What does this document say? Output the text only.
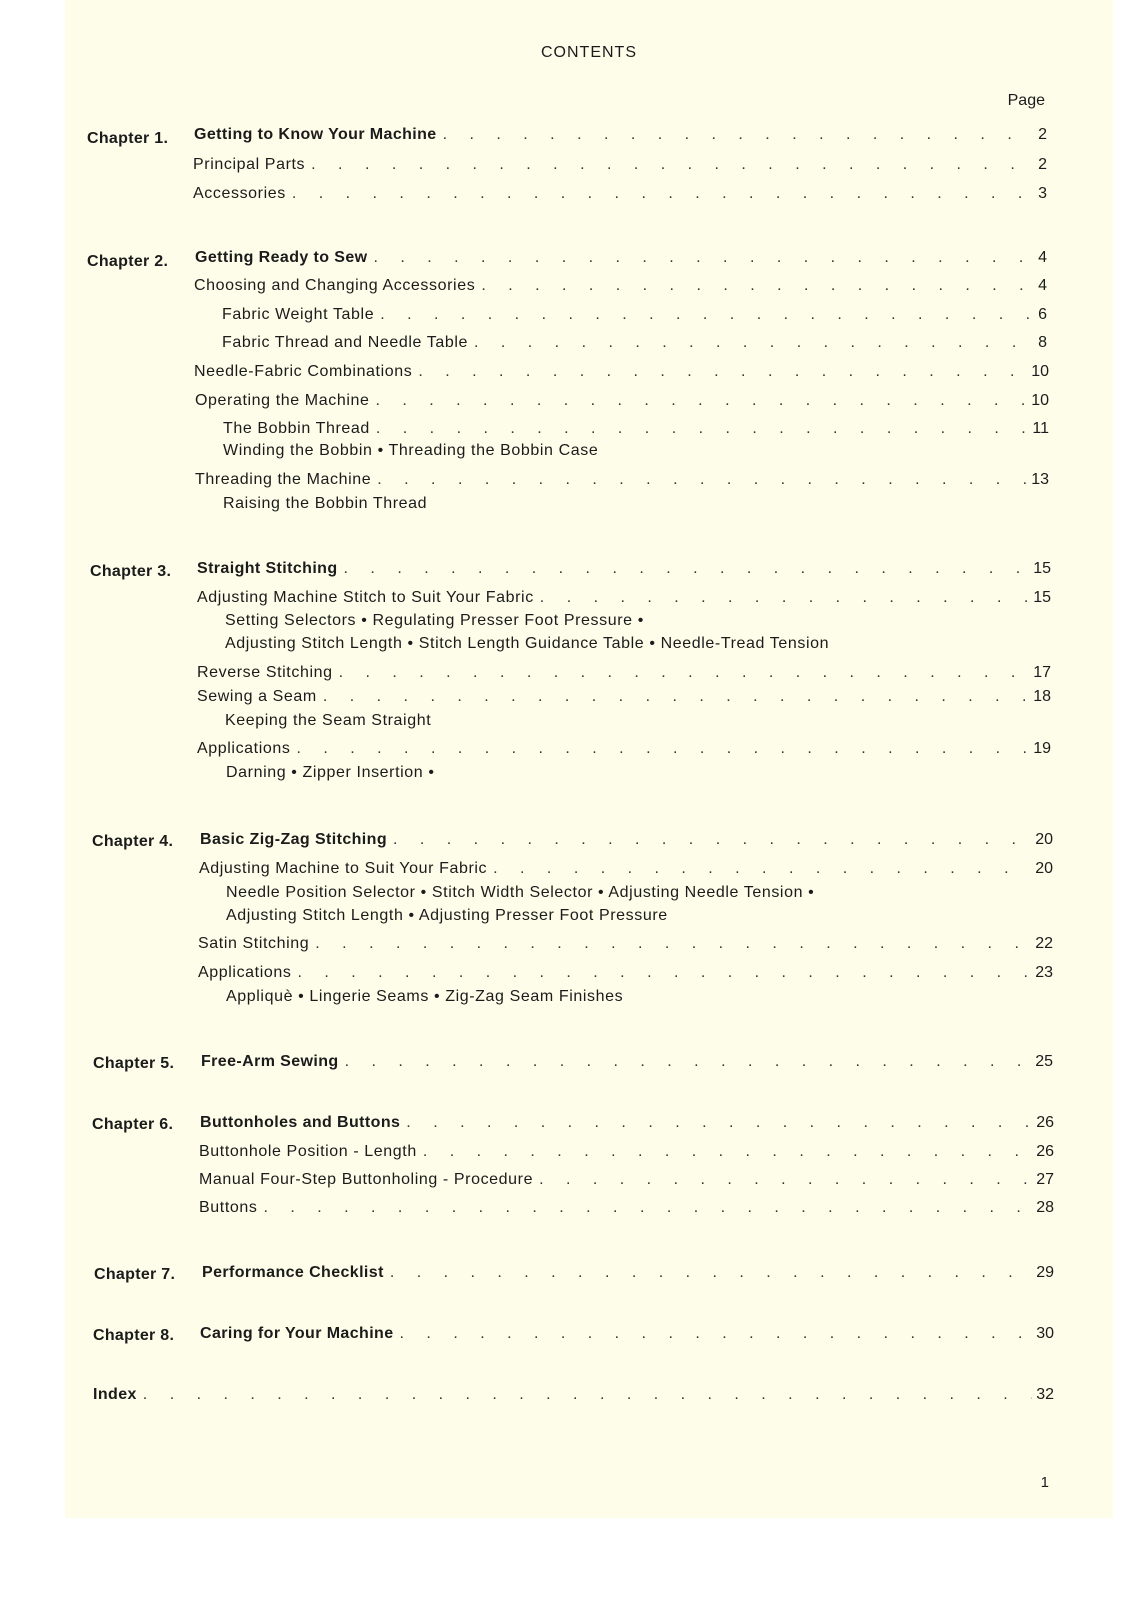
CONTENTS
Page
Chapter 1. Getting to Know Your Machine . . .	2
Principal Parts . . .	2
Accessories . . .	3
Chapter 2. Getting Ready to Sew . . .	4
Choosing and Changing Accessories . . .	4
Fabric Weight Table . . .	6
Fabric Thread and Needle Table . . .	8
Needle-Fabric Combinations . . .	10
Operating the Machine . . .	10
The Bobbin Thread . . .	11
Winding the Bobbin • Threading the Bobbin Case
Threading the Machine . . .	13
Raising the Bobbin Thread
Chapter 3. Straight Stitching . . .	15
Adjusting Machine Stitch to Suit Your Fabric . . .	15
Setting Selectors • Regulating Presser Foot Pressure •
Adjusting Stitch Length • Stitch Length Guidance Table • Needle-Tread Tension
Reverse Stitching . . .	17
Sewing a Seam . . .	18
Keeping the Seam Straight
Applications . . .	19
Darning • Zipper Insertion •
Chapter 4. Basic Zig-Zag Stitching . . .	20
Adjusting Machine to Suit Your Fabric . . .	20
Needle Position Selector • Stitch Width Selector • Adjusting Needle Tension •
Adjusting Stitch Length • Adjusting Presser Foot Pressure
Satin Stitching . . .	22
Applications . . .	23
Appliquè • Lingerie Seams • Zig-Zag Seam Finishes
Chapter 5. Free-Arm Sewing . . .	25
Chapter 6. Buttonholes and Buttons . . .	26
Buttonhole Position - Length . . .	26
Manual Four-Step Buttonholing - Procedure . . .	27
Buttons . . .	28
Chapter 7. Performance Checklist . . .	29
Chapter 8. Caring for Your Machine . . .	30
Index . . .	32
1
